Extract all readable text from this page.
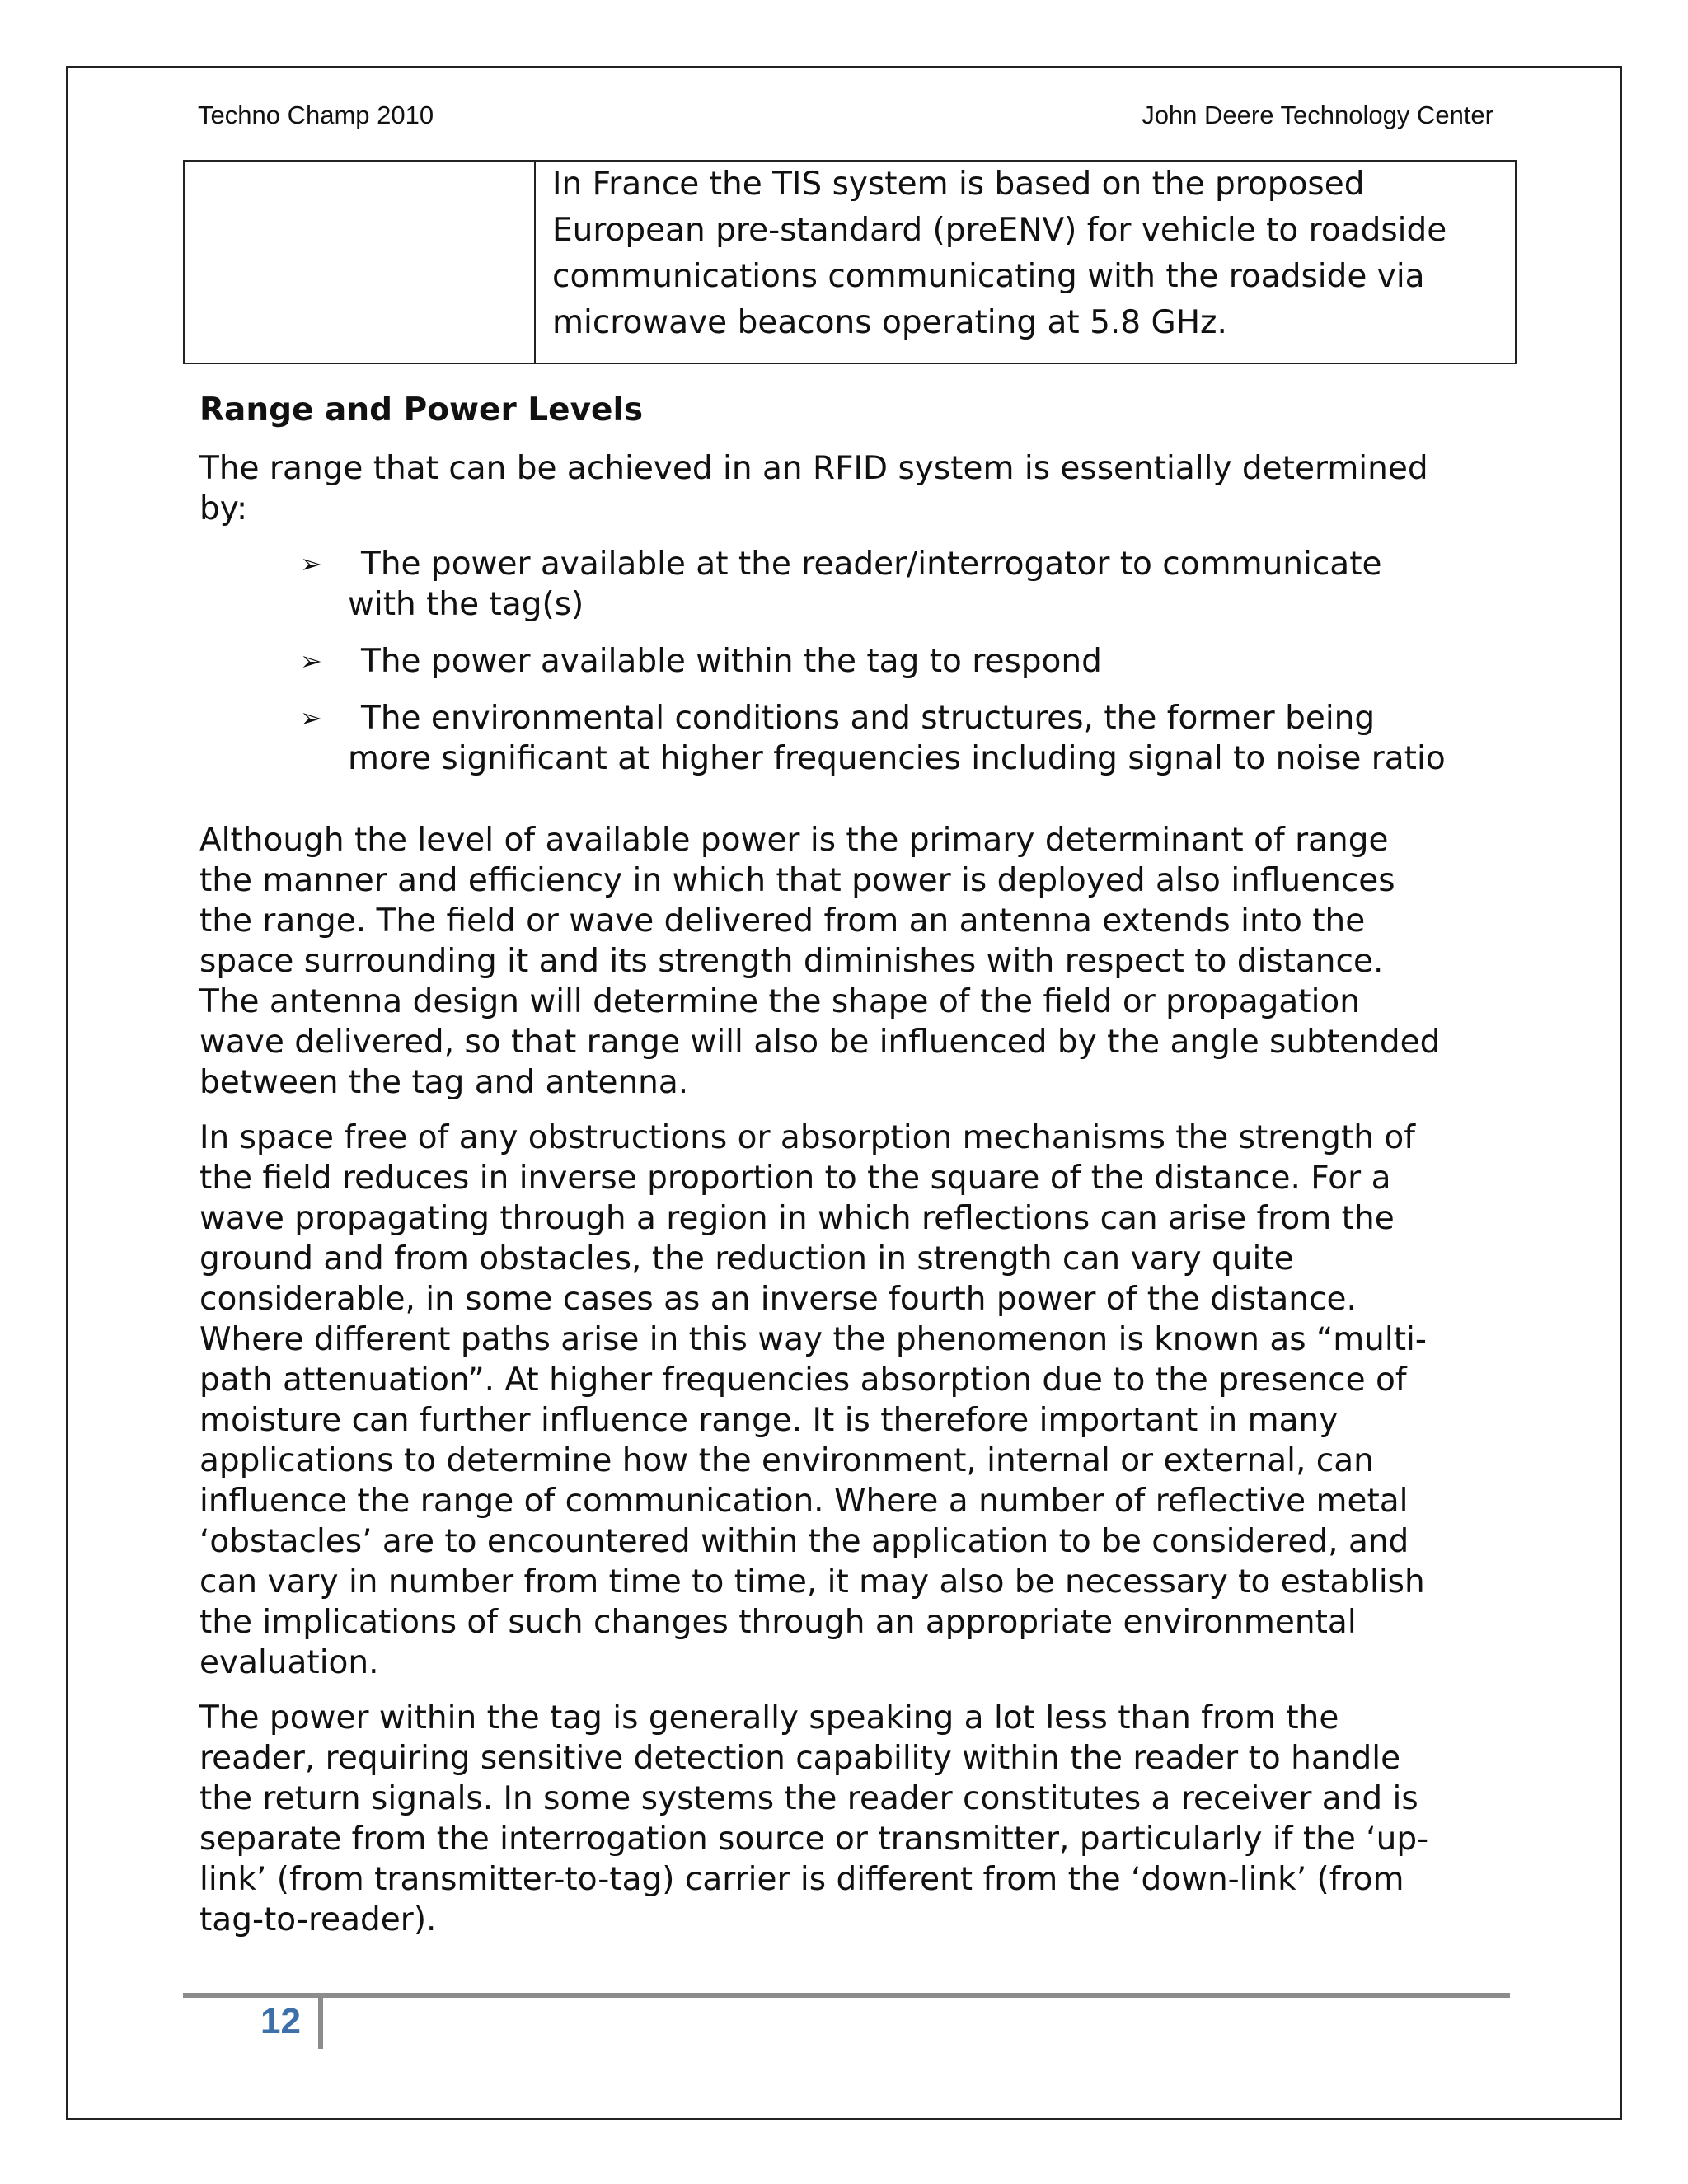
Techno Champ 2010	John Deere Technology Center
In France the TIS system is based on the proposed
European pre-standard (preENV) for vehicle to roadside
communications communicating with the roadside via
microwave beacons operating at 5.8 GHz.
Range and Power Levels
The range that can be achieved in an RFID system is essentially determined
by:
➢	The power available at the reader/interrogator to communicate
with the tag(s)
➢	The power available within the tag to respond
➢	The environmental conditions and structures, the former being
more significant at higher frequencies including signal to noise ratio
Although the level of available power is the primary determinant of range
the manner and efficiency in which that power is deployed also influences
the range. The field or wave delivered from an antenna extends into the
space surrounding it and its strength diminishes with respect to distance.
The antenna design will determine the shape of the field or propagation
wave delivered, so that range will also be influenced by the angle subtended
between the tag and antenna.
In space free of any obstructions or absorption mechanisms the strength of
the field reduces in inverse proportion to the square of the distance. For a
wave propagating through a region in which reflections can arise from the
ground and from obstacles, the reduction in strength can vary quite
considerable, in some cases as an inverse fourth power of the distance.
Where different paths arise in this way the phenomenon is known as “multi-
path attenuation”. At higher frequencies absorption due to the presence of
moisture can further influence range. It is therefore important in many
applications to determine how the environment, internal or external, can
influence the range of communication. Where a number of reflective metal
‘obstacles’ are to encountered within the application to be considered, and
can vary in number from time to time, it may also be necessary to establish
the implications of such changes through an appropriate environmental
evaluation.
The power within the tag is generally speaking a lot less than from the
reader, requiring sensitive detection capability within the reader to handle
the return signals. In some systems the reader constitutes a receiver and is
separate from the interrogation source or transmitter, particularly if the ‘up-
link’ (from transmitter-to-tag) carrier is different from the ‘down-link’ (from
tag-to-reader).
12
